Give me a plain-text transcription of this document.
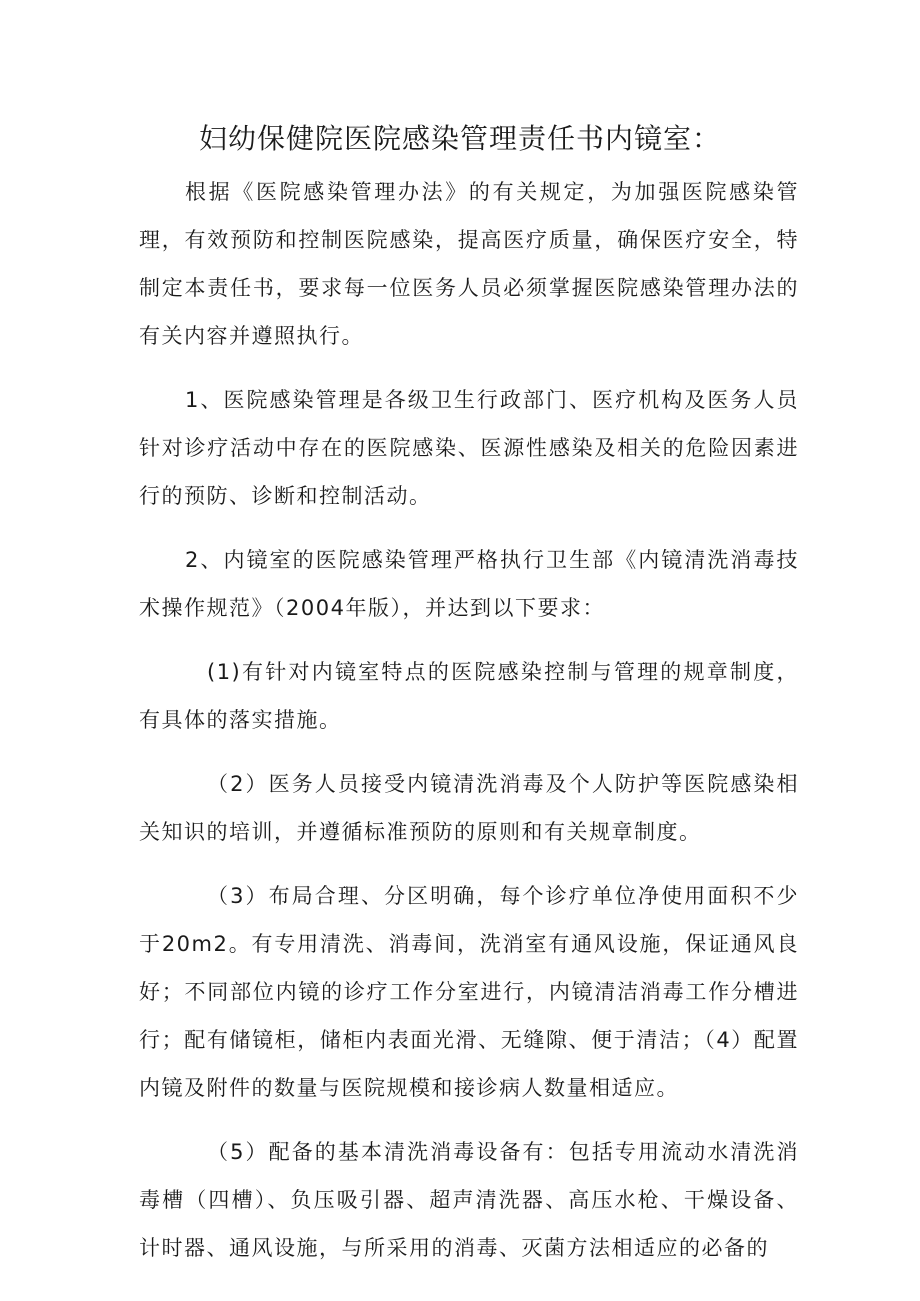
妇幼保健院医院感染管理责任书内镜室：

根据《医院感染管理办法》的有关规定，为加强医院感染管理，有效预防和控制医院感染，提高医疗质量，确保医疗安全，特制定本责任书，要求每一位医务人员必须掌握医院感染管理办法的有关内容并遵照执行。

1、医院感染管理是各级卫生行政部门、医疗机构及医务人员针对诊疗活动中存在的医院感染、医源性感染及相关的危险因素进行的预防、诊断和控制活动。

2、内镜室的医院感染管理严格执行卫生部《内镜清洗消毒技术操作规范》（2004年版），并达到以下要求：

(1)有针对内镜室特点的医院感染控制与管理的规章制度，有具体的落实措施。

（2）医务人员接受内镜清洗消毒及个人防护等医院感染相关知识的培训，并遵循标准预防的原则和有关规章制度。

（3）布局合理、分区明确，每个诊疗单位净使用面积不少于20m2。有专用清洗、消毒间，洗消室有通风设施，保证通风良好；不同部位内镜的诊疗工作分室进行，内镜清洁消毒工作分槽进行；配有储镜柜，储柜内表面光滑、无缝隙、便于清洁；（4）配置内镜及附件的数量与医院规模和接诊病人数量相适应。

（5）配备的基本清洗消毒设备有：包括专用流动水清洗消毒槽（四槽）、负压吸引器、超声清洗器、高压水枪、干燥设备、计时器、通风设施，与所采用的消毒、灭菌方法相适应的必备的
